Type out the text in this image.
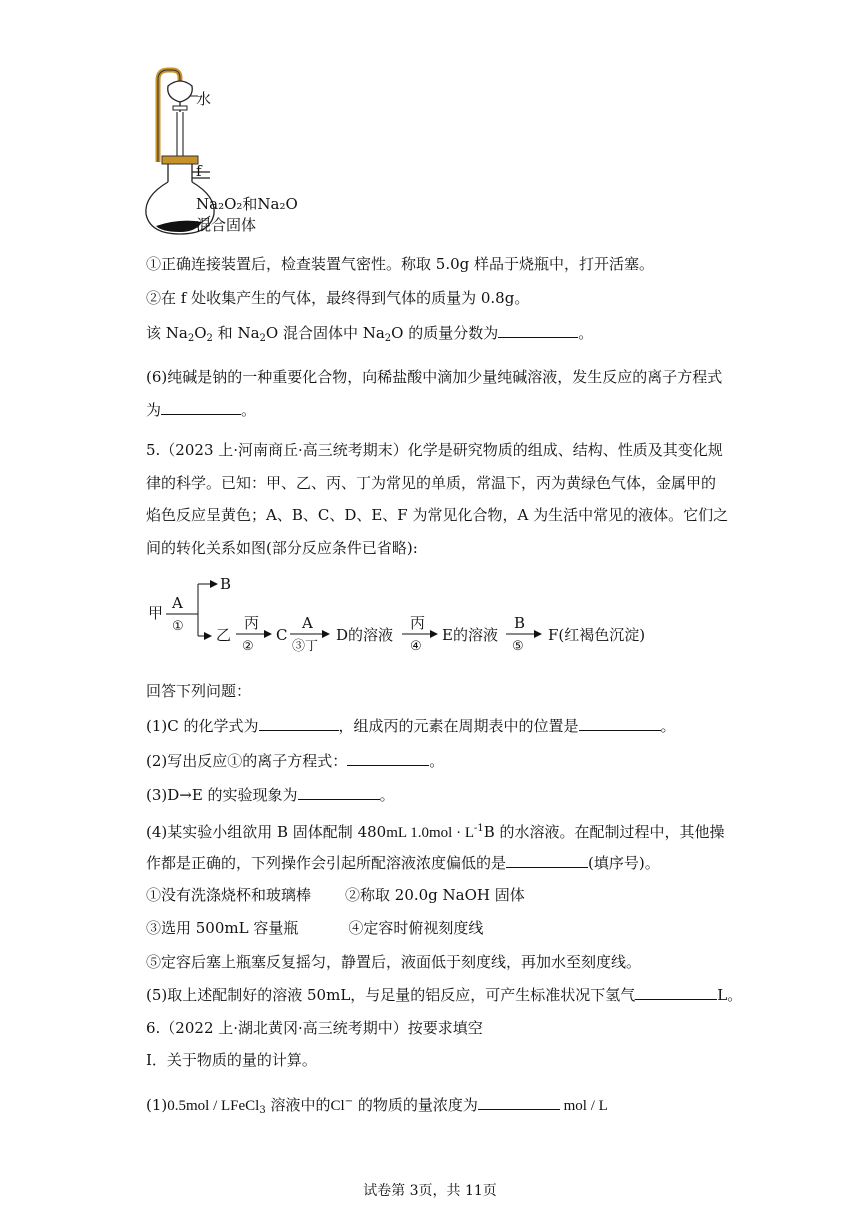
水
f
Na₂O₂和Na₂O
混合固体
①正确连接装置后，检查装置气密性。称取 5.0g 样品于烧瓶中，打开活塞。
②在 f 处收集产生的气体，最终得到气体的质量为 0.8g。
该 $Na_2O_2$ 和 $Na_2O$ 混合固体中 $Na_2O$ 的质量分数为	。
(6)纯碱是钠的一种重要化合物，向稀盐酸中滴加少量纯碱溶液，发生反应的离子方程式
为	。
5.（2023 上·河南商丘·高三统考期末）化学是研究物质的组成、结构、性质及其变化规
律的科学。已知：甲、乙、丙、丁为常见的单质，常温下，丙为黄绿色气体，金属甲的
焰色反应呈黄色；A、B、C、D、E、F 为常见化合物，A 为生活中常见的液体。它们之
间的转化关系如图(部分反应条件已省略):
甲
A
①
B
乙
丙
②
C
A
③丁
D的溶液
丙
④
E的溶液
B
⑤
F(红褐色沉淀)
回答下列问题：
(1)C 的化学式为	，组成丙的元素在周期表中的位置是	。
(2)写出反应①的离子方程式：	。
(3)D→E 的实验现象为	。
(4)某实验小组欲用 B 固体配制 480mL $1.0mol \cdot L^{-1}B$ 的水溶液。在配制过程中，其他操
作都是正确的，下列操作会引起所配溶液浓度偏低的是	(填序号)。
①没有洗涤烧杯和玻璃棒 ②称取 20.0g NaOH 固体
③选用 500mL 容量瓶	④定容时俯视刻度线
⑤定容后塞上瓶塞反复摇匀，静置后，液面低于刻度线，再加水至刻度线。
(5)取上述配制好的溶液 50mL，与足量的铝反应，可产生标准状况下氢气	L。
6.（2022 上·湖北黄冈·高三统考期中）按要求填空
I．关于物质的量的计算。
(1)0.5mol / LFeCl$_3$ 溶液中的Cl− 的物质的量浓度为	mol / L
试卷第 3页，共 11页
